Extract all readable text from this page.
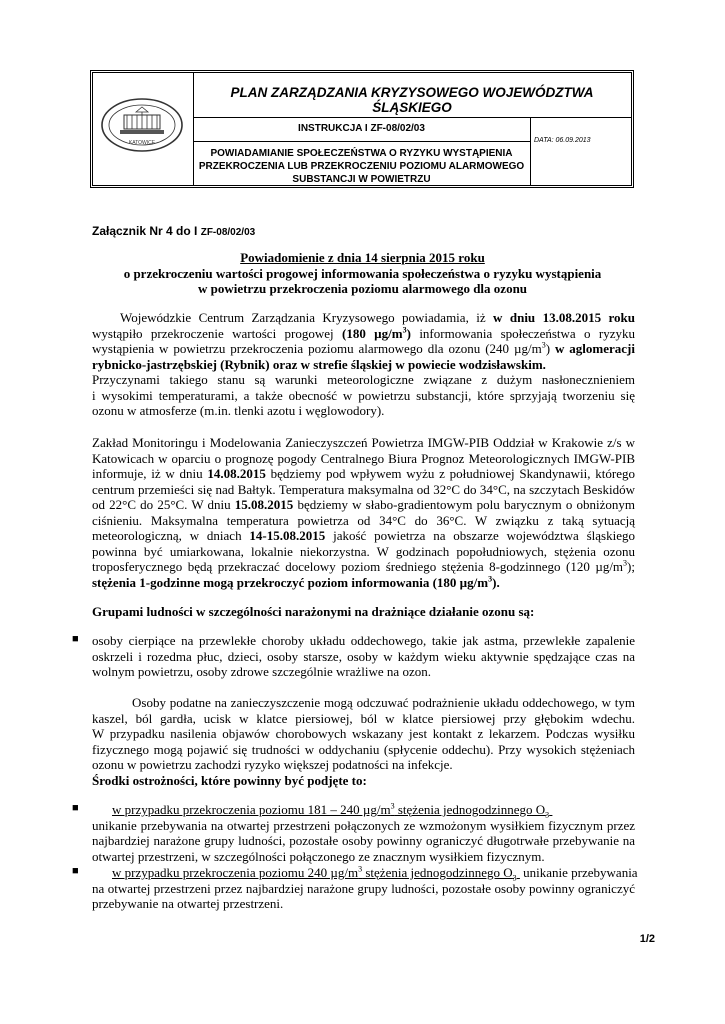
KATOWICE
PLAN ZARZĄDZANIA KRYZYSOWEGO WOJEWÓDZTWA ŚLĄSKIEGO
INSTRUKCJA I ZF-08/02/03
POWIADAMIANIE SPOŁECZEŃSTWA O RYZYKU WYSTĄPIENIA
PRZEKROCZENIA LUB PRZEKROCZENIU POZIOMU ALARMOWEGO
SUBSTANCJI W POWIETRZU
DATA: 06.09.2013
Załącznik Nr 4 do I ZF-08/02/03
Powiadomienie z dnia 14 sierpnia 2015 roku
o przekroczeniu wartości progowej informowania społeczeństwa o ryzyku wystąpienia
w powietrzu przekroczenia poziomu alarmowego dla ozonu
Wojewódzkie Centrum Zarządzania Kryzysowego powiadamia, iż w dniu 13.08.2015 roku
wystąpiło przekroczenie wartości progowej (180 $\mu g/m^3$) informowania społeczeństwa o ryzyku
wystąpienia w powietrzu przekroczenia poziomu alarmowego dla ozonu (240 $\mu g/m^3$) w aglomeracji
rybnicko-jastrzębskiej (Rybnik) oraz w strefie śląskiej w powiecie wodzisławskim.
Przyczynami takiego stanu są warunki meteorologiczne związane z dużym nasłonecznieniem
i wysokimi temperaturami, a także obecność w powietrzu substancji, które sprzyjają tworzeniu się
ozonu w atmosferze (m.in. tlenki azotu i węglowodory).
Zakład Monitoringu i Modelowania Zanieczyszczeń Powietrza IMGW-PIB Oddział w Krakowie z/s w
Katowicach w oparciu o prognozę pogody Centralnego Biura Prognoz Meteorologicznych IMGW-PIB
informuje, iż w dniu 14.08.2015 będziemy pod wpływem wyżu z południowej Skandynawii, którego
centrum przemieści się nad Bałtyk. Temperatura maksymalna od 32°C do 34°C, na szczytach Beskidów
od 22°C do 25°C. W dniu 15.08.2015 będziemy w słabo-gradientowym polu barycznym o obniżonym
ciśnieniu. Maksymalna temperatura powietrza od 34°C do 36°C. W związku z taką sytuacją
meteorologiczną, w dniach 14-15.08.2015 jakość powietrza na obszarze województwa śląskiego
powinna być umiarkowana, lokalnie niekorzystna. W godzinach popołudniowych, stężenia ozonu
troposferycznego będą przekraczać docelowy poziom średniego stężenia 8-godzinnego (120 $\mu g/m^3$);
stężenia 1-godzinne mogą przekroczyć poziom informowania (180 $\mu g/m^3$).
Grupami ludności w szczególności narażonymi na drażniące działanie ozonu są:
■ osoby cierpiące na przewlekłe choroby układu oddechowego, takie jak astma, przewlekłe zapalenie
oskrzeli i rozedma płuc, dzieci, osoby starsze, osoby w każdym wieku aktywnie spędzające czas na
wolnym powietrzu, osoby zdrowe szczególnie wrażliwe na ozon.
Osoby podatne na zanieczyszczenie mogą odczuwać podrażnienie układu oddechowego, w tym
kaszel, ból gardła, ucisk w klatce piersiowej, ból w klatce piersiowej przy głębokim wdechu.
W przypadku nasilenia objawów chorobowych wskazany jest kontakt z lekarzem. Podczas wysiłku
fizycznego mogą pojawić się trudności w oddychaniu (spłycenie oddechu). Przy wysokich stężeniach
ozonu w powietrzu zachodzi ryzyko większej podatności na infekcje.
Środki ostrożności, które powinny być podjęte to:
■	w przypadku przekroczenia poziomu 181 – 240 $\mu g/m^3$ stężenia jednogodzinnego $O_3$
unikanie przebywania na otwartej przestrzeni połączonych ze wzmożonym wysiłkiem fizycznym przez
najbardziej narażone grupy ludności, pozostałe osoby powinny ograniczyć długotrwałe przebywanie na
otwartej przestrzeni, w szczególności połączonego ze znacznym wysiłkiem fizycznym.
■	w przypadku przekroczenia poziomu 240 $\mu g/m^3$ stężenia jednogodzinnego $O_3$  unikanie przebywania
na otwartej przestrzeni przez najbardziej narażone grupy ludności, pozostałe osoby powinny ograniczyć
przebywanie na otwartej przestrzeni.
1/2
